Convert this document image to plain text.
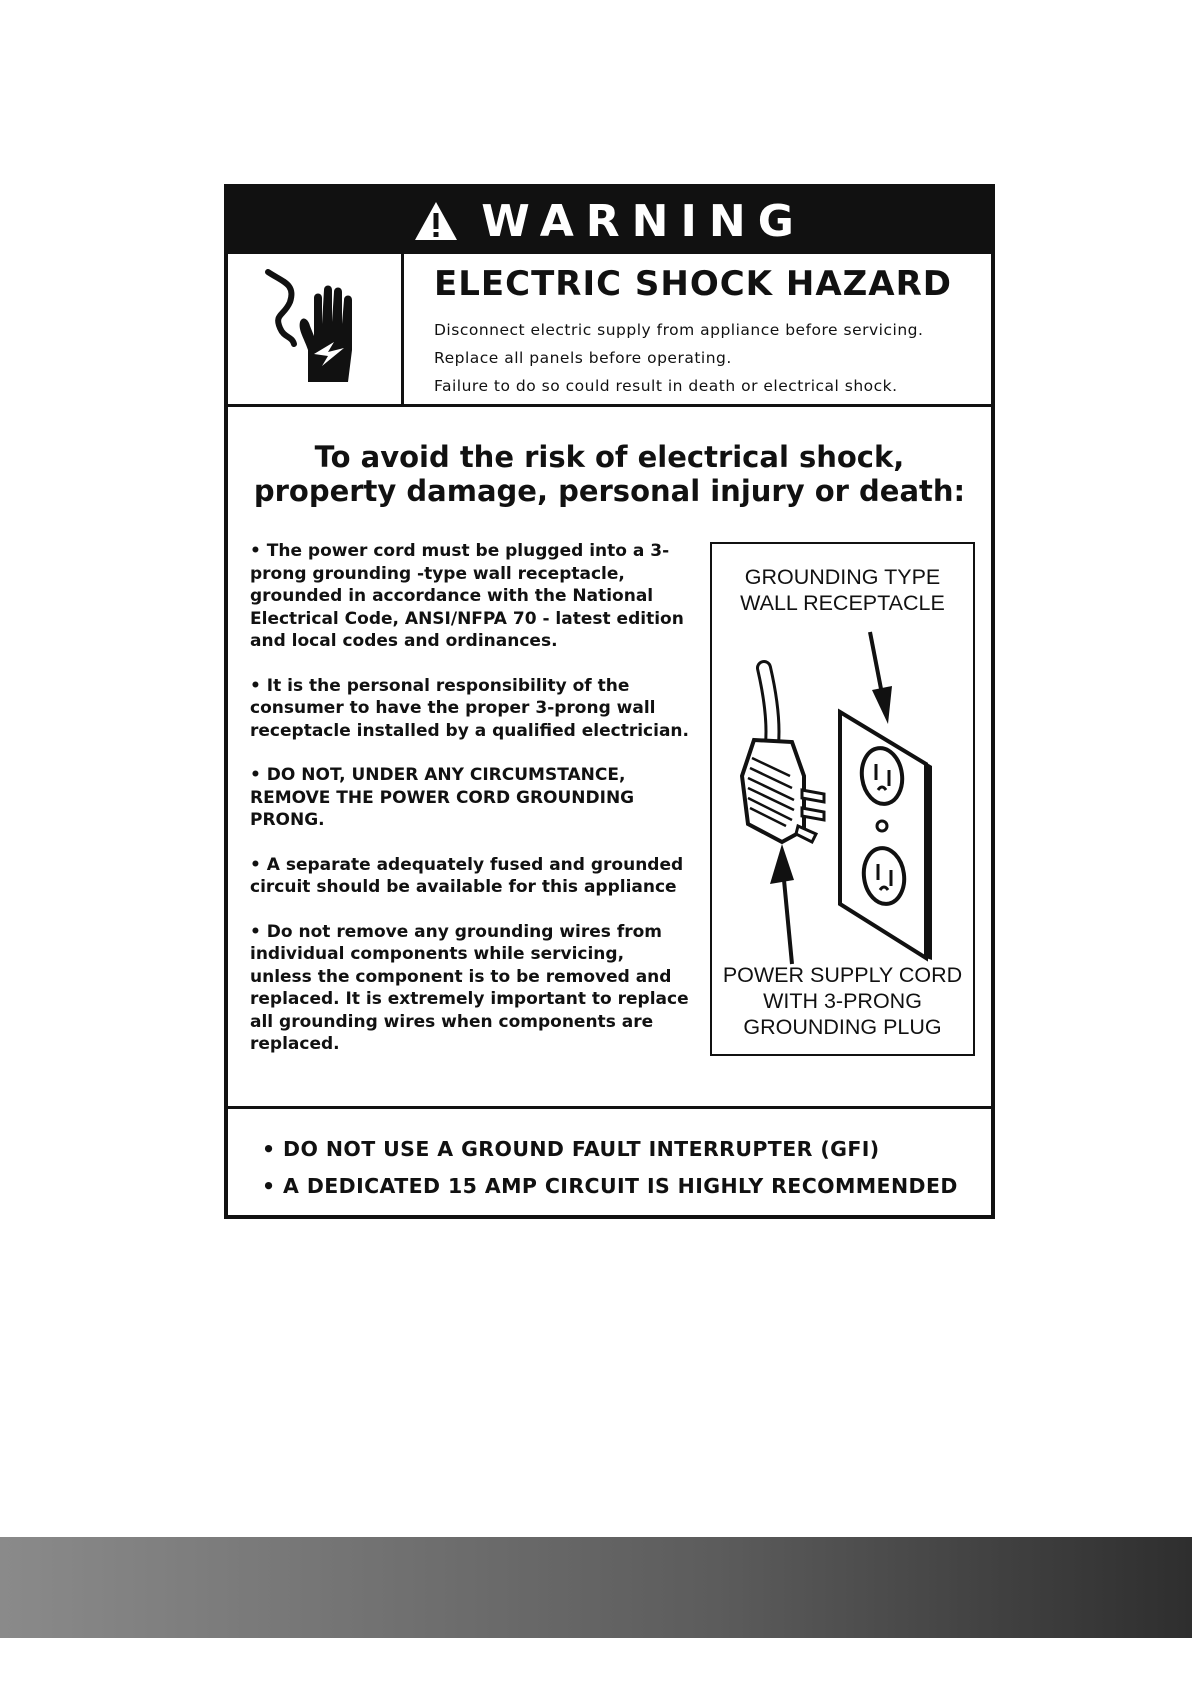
WARNING
ELECTRIC SHOCK HAZARD
Disconnect electric supply from appliance before servicing.
Replace all panels before operating.
Failure to do so could result in death or electrical shock.
To avoid the risk of electrical shock,
property damage, personal injury or death:
• The power cord must be plugged into a 3-prong grounding -type wall receptacle, grounded in accordance with the National Electrical Code, ANSI/NFPA 70 - latest edition and local codes and ordinances.
• It is the personal responsibility of the consumer to have the proper 3-prong wall receptacle installed by a qualified electrician.
• DO NOT, UNDER ANY CIRCUMSTANCE, REMOVE THE POWER CORD GROUNDING PRONG.
• A separate adequately fused and grounded circuit should be available for this appliance
• Do not remove any grounding wires from individual components while servicing, unless the component is to be removed and replaced. It is extremely important to replace all grounding wires when components are replaced.
GROUNDING TYPE
WALL RECEPTACLE
POWER SUPPLY CORD
WITH 3-PRONG
GROUNDING PLUG
• DO NOT USE A GROUND FAULT INTERRUPTER (GFI)
• A DEDICATED 15 AMP CIRCUIT IS HIGHLY RECOMMENDED
